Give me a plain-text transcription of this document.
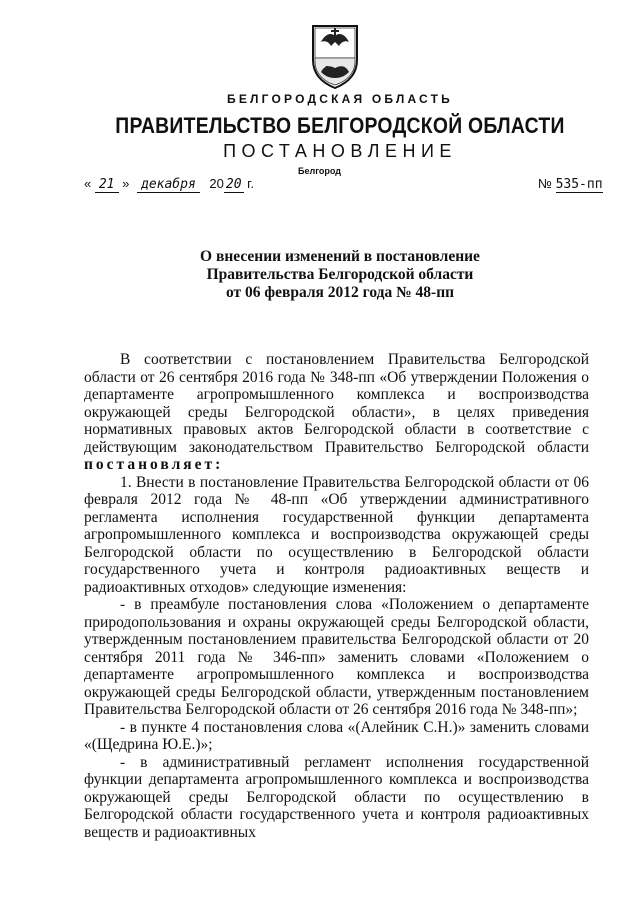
БЕЛГОРОДСКАЯ ОБЛАСТЬ
ПРАВИТЕЛЬСТВО БЕЛГОРОДСКОЙ ОБЛАСТИ
ПОСТАНОВЛЕНИЕ
Белгород
« 21 » декабря 20 20 г.	№ 535-пп
О внесении изменений в постановление
Правительства Белгородской области
от 06 февраля 2012 года № 48-пп

В соответствии с постановлением Правительства Белгородской области от 26 сентября 2016 года № 348-пп «Об утверждении Положения о департаменте агропромышленного комплекса и воспроизводства окружающей среды Белгородской области», в целях приведения нормативных правовых актов Белгородской области в соответствие с действующим законодательством Правительство Белгородской области постановляет:

1. Внести в постановление Правительства Белгородской области от 06 февраля 2012 года № 48-пп «Об утверждении административного регламента исполнения государственной функции департамента агропромышленного комплекса и воспроизводства окружающей среды Белгородской области по осуществлению в Белгородской области государственного учета и контроля радиоактивных веществ и радиоактивных отходов» следующие изменения:

- в преамбуле постановления слова «Положением о департаменте природопользования и охраны окружающей среды Белгородской области, утвержденным постановлением правительства Белгородской области от 20 сентября 2011 года № 346-пп» заменить словами «Положением о департаменте агропромышленного комплекса и воспроизводства окружающей среды Белгородской области, утвержденным постановлением Правительства Белгородской области от 26 сентября 2016 года № 348-пп»;

- в пункте 4 постановления слова «(Алейник С.Н.)» заменить словами «(Щедрина Ю.Е.)»;

- в административный регламент исполнения государственной функции департамента агропромышленного комплекса и воспроизводства окружающей среды Белгородской области по осуществлению в Белгородской области государственного учета и контроля радиоактивных веществ и радиоактивных
